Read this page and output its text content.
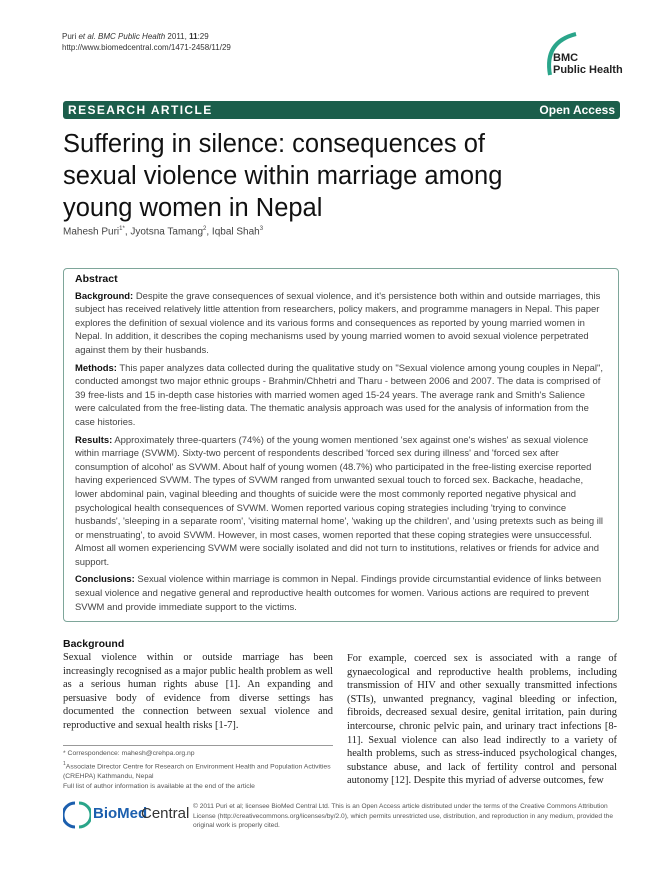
Puri et al. BMC Public Health 2011, 11:29
http://www.biomedcentral.com/1471-2458/11/29
BMC
Public Health
RESEARCH ARTICLE	Open Access
Suffering in silence: consequences of sexual violence within marriage among young women in Nepal
Mahesh Puri$^{1*}$, Jyotsna Tamang$^2$, Iqbal Shah$^3$
Abstract

Background: Despite the grave consequences of sexual violence, and it's persistence both within and outside marriages, this subject has received relatively little attention from researchers, policy makers, and programme managers in Nepal. This paper explores the definition of sexual violence and its various forms and consequences as reported by young married women in Nepal. In addition, it describes the coping mechanisms used by young married women to avoid sexual violence perpetrated against them by their husbands.

Methods: This paper analyzes data collected during the qualitative study on "Sexual violence among young couples in Nepal", conducted amongst two major ethnic groups - Brahmin/Chhetri and Tharu - between 2006 and 2007. The data is comprised of 39 free-lists and 15 in-depth case histories with married women aged 15-24 years. The average rank and Smith's Salience were calculated from the free-listing data. The thematic analysis approach was used for the analysis of information from the case histories.

Results: Approximately three-quarters (74%) of the young women mentioned 'sex against one's wishes' as sexual violence within marriage (SVWM). Sixty-two percent of respondents described 'forced sex during illness' and 'forced sex after consumption of alcohol' as SVWM. About half of young women (48.7%) who participated in the free-listing exercise reported having experienced SVWM. The types of SVWM ranged from unwanted sexual touch to forced sex. Backache, headache, lower abdominal pain, vaginal bleeding and thoughts of suicide were the most commonly reported negative physical and psychological health consequences of SVWM. Women reported various coping strategies including 'trying to convince husbands', 'sleeping in a separate room', 'visiting maternal home', 'waking up the children', and 'using pretexts such as being ill or menstruating', to avoid SVWM. However, in most cases, women reported that these coping strategies were unsuccessful. Almost all women experiencing SVWM were socially isolated and did not turn to institutions, relatives or friends for advice and support.

Conclusions: Sexual violence within marriage is common in Nepal. Findings provide circumstantial evidence of links between sexual violence and negative general and reproductive health outcomes for women. Various actions are required to prevent SVWM and provide immediate support to the victims.

Background

Sexual violence within or outside marriage has been increasingly recognised as a major public health problem as well as a serious human rights abuse [1]. An expanding and persuasive body of evidence from diverse settings has documented the connection between sexual violence and reproductive and sexual health risks [1-7].

For example, coerced sex is associated with a range of gynaecological and reproductive health problems, including transmission of HIV and other sexually transmitted infections (STIs), unwanted pregnancy, vaginal bleeding or infection, fibroids, decreased sexual desire, genital irritation, pain during intercourse, chronic pelvic pain, and urinary tract infections [8-11]. Sexual violence can also lead indirectly to a variety of health problems, such as stress-induced psychological changes, substance abuse, and lack of fertility control and personal autonomy [12]. Despite this myriad of adverse outcomes, few

* Correspondence: mahesh@crehpa.org.np
$^1$Associate Director Centre for Research on Environment Health and Population Activities (CREHPA) Kathmandu, Nepal
Full list of author information is available at the end of the article
BioMed
Central © 2011 Puri et al; licensee BioMed Central Ltd. This is an Open Access article distributed under the terms of the Creative Commons Attribution License (http://creativecommons.org/licenses/by/2.0), which permits unrestricted use, distribution, and reproduction in any medium, provided the original work is properly cited.
